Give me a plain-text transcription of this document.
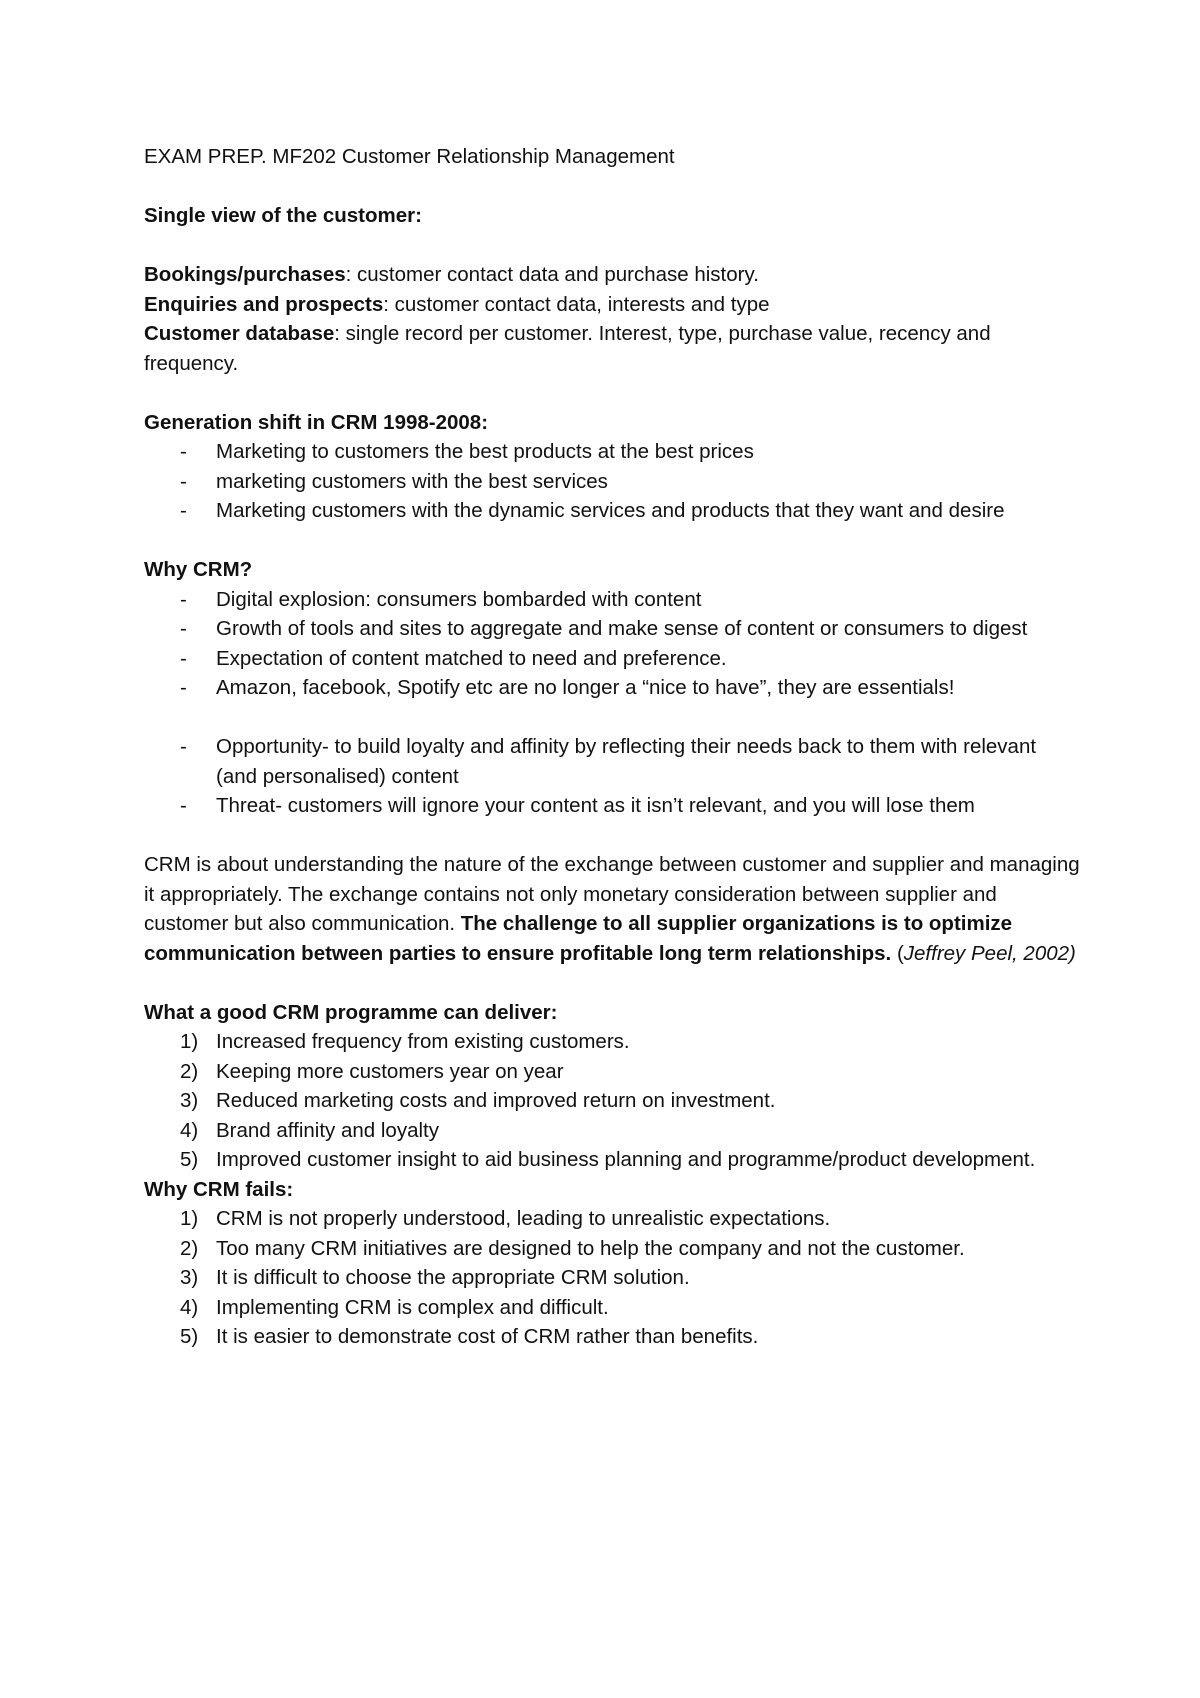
EXAM PREP. MF202 Customer Relationship Management

Single view of the customer:

Bookings/purchases: customer contact data and purchase history.

Enquiries and prospects: customer contact data, interests and type

Customer database: single record per customer. Interest, type, purchase value, recency and frequency.

Generation shift in CRM 1998-2008:

- Marketing to customers the best products at the best prices
- marketing customers with the best services
- Marketing customers with the dynamic services and products that they want and desire

Why CRM?

- Digital explosion: consumers bombarded with content
- Growth of tools and sites to aggregate and make sense of content or consumers to digest
- Expectation of content matched to need and preference.
- Amazon, facebook, Spotify etc are no longer a “nice to have”, they are essentials!
- Opportunity- to build loyalty and affinity by reflecting their needs back to them with relevant (and personalised) content
- Threat- customers will ignore your content as it isn’t relevant, and you will lose them

CRM is about understanding the nature of the exchange between customer and supplier and managing it appropriately. The exchange contains not only monetary consideration between supplier and customer but also communication. The challenge to all supplier organizations is to optimize communication between parties to ensure profitable long term relationships. (Jeffrey Peel, 2002)

What a good CRM programme can deliver:

1) Increased frequency from existing customers.
2) Keeping more customers year on year
3) Reduced marketing costs and improved return on investment.
4) Brand affinity and loyalty
5) Improved customer insight to aid business planning and programme/product development.

Why CRM fails:

1) CRM is not properly understood, leading to unrealistic expectations.
2) Too many CRM initiatives are designed to help the company and not the customer.
3) It is difficult to choose the appropriate CRM solution.
4) Implementing CRM is complex and difficult.
5) It is easier to demonstrate cost of CRM rather than benefits.
